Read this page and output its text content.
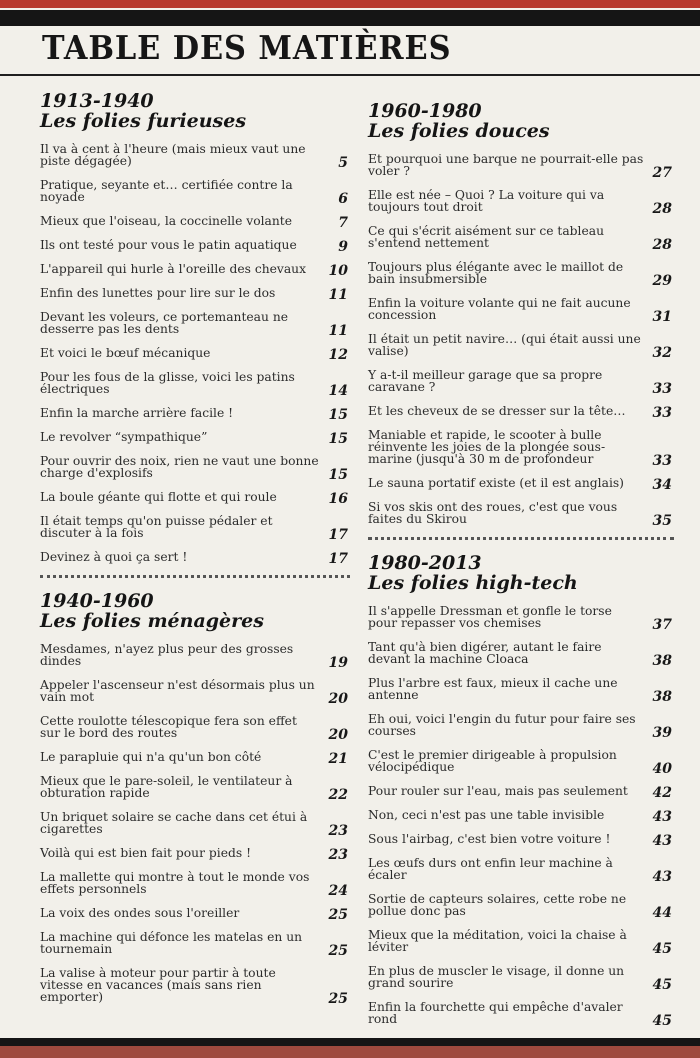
TABLE DES MATIÈRES
1913-1940
Les folies furieuses
Il va à cent à l'heure (mais mieux vaut une piste dégagée)	5
Pratique, seyante et… certifiée contre la noyade	6
Mieux que l'oiseau, la coccinelle volante	7
Ils ont testé pour vous le patin aquatique	9
L'appareil qui hurle à l'oreille des chevaux	10
Enfin des lunettes pour lire sur le dos	11
Devant les voleurs, ce portemanteau ne desserre pas les dents	11
Et voici le bœuf mécanique	12
Pour les fous de la glisse, voici les patins électriques	14
Enfin la marche arrière facile !	15
Le revolver “sympathique”	15
Pour ouvrir des noix, rien ne vaut une bonne charge d'explosifs	15
La boule géante qui flotte et qui roule	16
Il était temps qu'on puisse pédaler et discuter à la fois	17
Devinez à quoi ça sert !	17
1940-1960
Les folies ménagères
Mesdames, n'ayez plus peur des grosses dindes	19
Appeler l'ascenseur n'est désormais plus un vain mot	20
Cette roulotte télescopique fera son effet sur le bord des routes	20
Le parapluie qui n'a qu'un bon côté	21
Mieux que le pare-soleil, le ventilateur à obturation rapide	22
Un briquet solaire se cache dans cet étui à cigarettes	23
Voilà qui est bien fait pour pieds !	23
La mallette qui montre à tout le monde vos effets personnels	24
La voix des ondes sous l'oreiller	25
La machine qui défonce les matelas en un tournemain	25
La valise à moteur pour partir à toute vitesse en vacances (mais sans rien emporter)	25
1960-1980
Les folies douces
Et pourquoi une barque ne pourrait-elle pas voler ?	27
Elle est née – Quoi ? La voiture qui va toujours tout droit	28
Ce qui s'écrit aisément sur ce tableau s'entend nettement	28
Toujours plus élégante avec le maillot de bain insubmersible	29
Enfin la voiture volante qui ne fait aucune concession	31
Il était un petit navire… (qui était aussi une valise)	32
Y a-t-il meilleur garage que sa propre caravane ?	33
Et les cheveux de se dresser sur la tête…	33
Maniable et rapide, le scooter à bulle réinvente les joies de la plongée sous-marine (jusqu'à 30 m de profondeur	33
Le sauna portatif existe (et il est anglais)	34
Si vos skis ont des roues, c'est que vous faites du Skirou	35
1980-2013
Les folies high-tech
Il s'appelle Dressman et gonfle le torse pour repasser vos chemises	37
Tant qu'à bien digérer, autant le faire devant la machine Cloaca	38
Plus l'arbre est faux, mieux il cache une antenne	38
Eh oui, voici l'engin du futur pour faire ses courses	39
C'est le premier dirigeable à propulsion vélocipédique	40
Pour rouler sur l'eau, mais pas seulement	42
Non, ceci n'est pas une table invisible	43
Sous l'airbag, c'est bien votre voiture !	43
Les œufs durs ont enfin leur machine à écaler	43
Sortie de capteurs solaires, cette robe ne pollue donc pas	44
Mieux que la méditation, voici la chaise à léviter	45
En plus de muscler le visage, il donne un grand sourire	45
Enfin la fourchette qui empêche d'avaler rond	45
